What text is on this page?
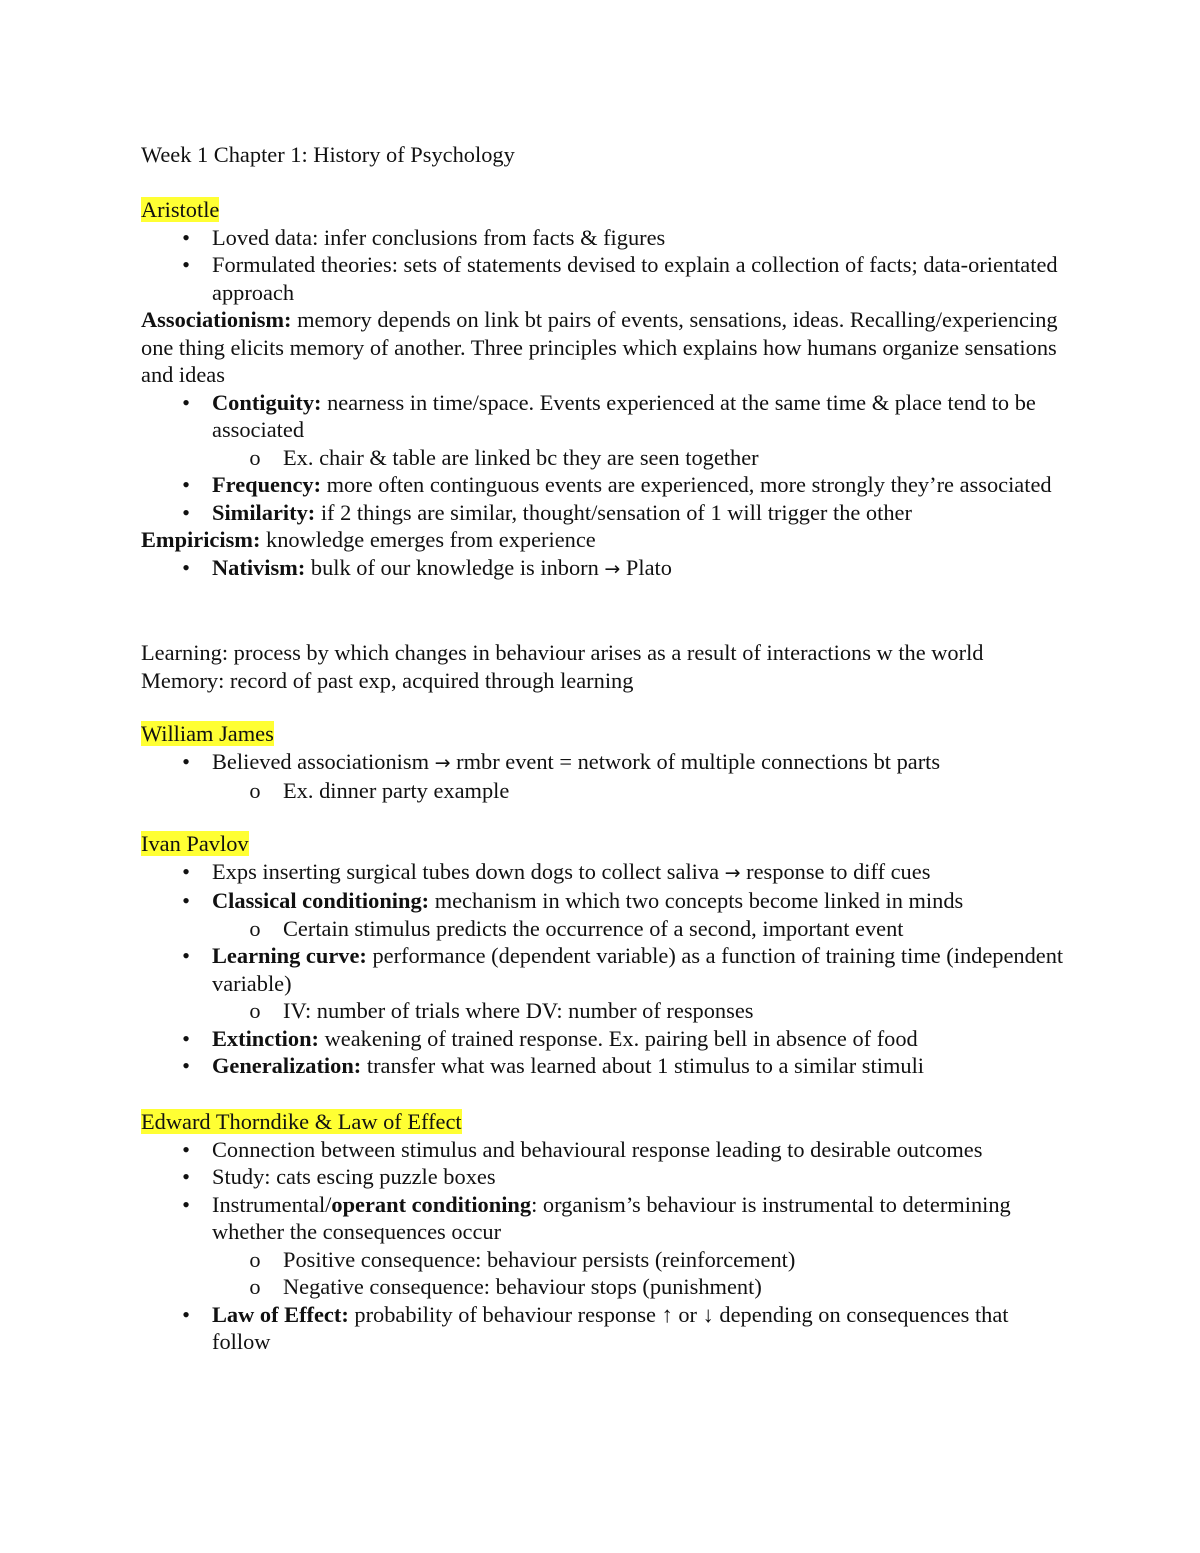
Week 1 Chapter 1: History of Psychology
Aristotle
• Loved data: infer conclusions from facts & figures
• Formulated theories: sets of statements devised to explain a collection of facts; data-orientated approach

Associationism: memory depends on link bt pairs of events, sensations, ideas. Recalling/experiencing one thing elicits memory of another. Three principles which explains how humans organize sensations and ideas

• Contiguity: nearness in time/space. Events experienced at the same time & place tend to be associated
o Ex. chair & table are linked bc they are seen together
• Frequency: more often continguous events are experienced, more strongly they’re associated
• Similarity: if 2 things are similar, thought/sensation of 1 will trigger the other

Empiricism: knowledge emerges from experience

• Nativism: bulk of our knowledge is inborn → Plato
Learning: process by which changes in behaviour arises as a result of interactions w the world
Memory: record of past exp, acquired through learning
William James
• Believed associationism → rmbr event = network of multiple connections bt parts
o Ex. dinner party example
Ivan Pavlov
• Exps inserting surgical tubes down dogs to collect saliva → response to diff cues
• Classical conditioning: mechanism in which two concepts become linked in minds
o Certain stimulus predicts the occurrence of a second, important event
• Learning curve: performance (dependent variable) as a function of training time (independent variable)
o IV: number of trials where DV: number of responses
• Extinction: weakening of trained response. Ex. pairing bell in absence of food
• Generalization: transfer what was learned about 1 stimulus to a similar stimuli
Edward Thorndike & Law of Effect
• Connection between stimulus and behavioural response leading to desirable outcomes
• Study: cats escing puzzle boxes
• Instrumental/operant conditioning: organism’s behaviour is instrumental to determining whether the consequences occur
o Positive consequence: behaviour persists (reinforcement)
o Negative consequence: behaviour stops (punishment)
• Law of Effect: probability of behaviour response ↑ or ↓ depending on consequences that follow
